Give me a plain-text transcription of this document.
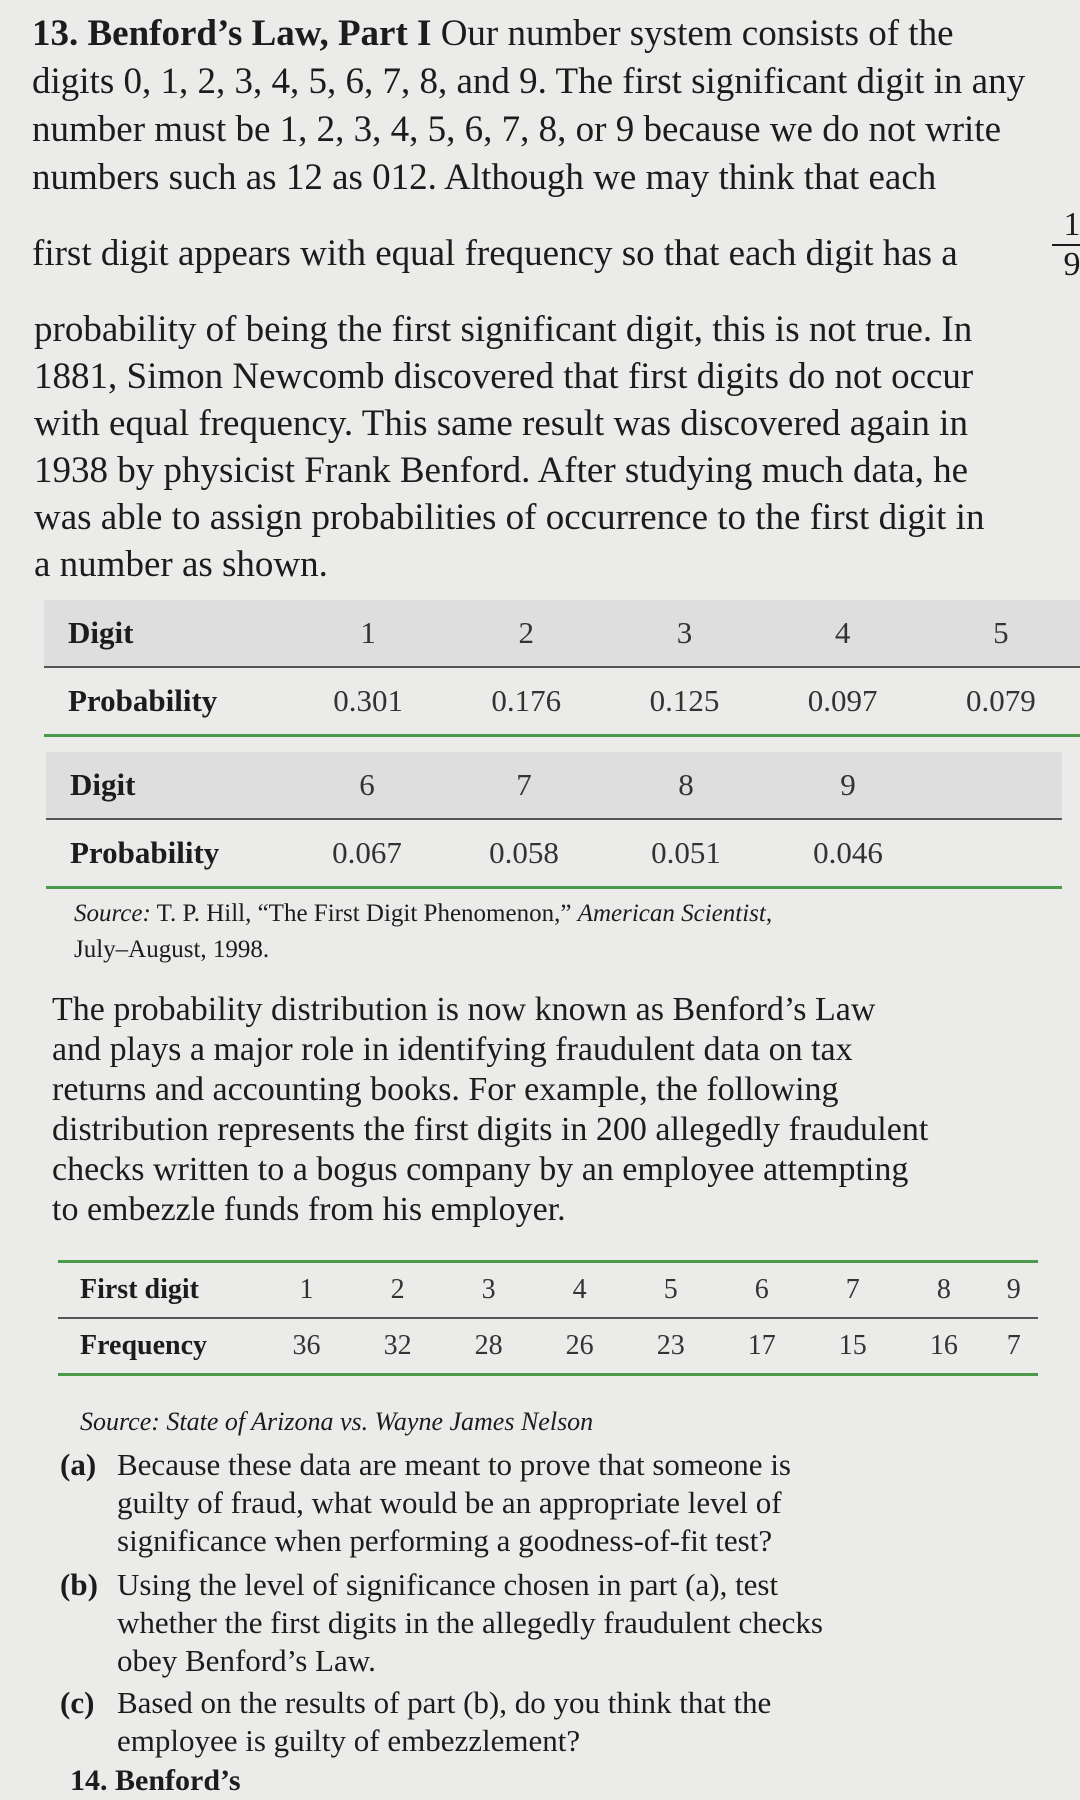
13. Benford’s Law, Part I Our number system consists of the
digits 0, 1, 2, 3, 4, 5, 6, 7, 8, and 9. The first significant digit in any
number must be 1, 2, 3, 4, 5, 6, 7, 8, or 9 because we do not write
numbers such as 12 as 012. Although we may think that each
first digit appears with equal frequency so that each digit has a
1
9
probability of being the first significant digit, this is not true. In
1881, Simon Newcomb discovered that first digits do not occur
with equal frequency. This same result was discovered again in
1938 by physicist Frank Benford. After studying much data, he
was able to assign probabilities of occurrence to the first digit in
a number as shown.
Digit	1	2	3	4	5
Probability	0.301	0.176	0.125	0.097	0.079
Digit	6	7	8	9	
Probability	0.067	0.058	0.051	0.046	
Source: T. P. Hill, “The First Digit Phenomenon,” American Scientist,
July–August, 1998.
The probability distribution is now known as Benford’s Law
and plays a major role in identifying fraudulent data on tax
returns and accounting books. For example, the following
distribution represents the first digits in 200 allegedly fraudulent
checks written to a bogus company by an employee attempting
to embezzle funds from his employer.
First digit	1	2	3	4	5	6	7	8	9
Frequency	36	32	28	26	23	17	15	16	7
Source: State of Arizona vs. Wayne James Nelson
(a) Because these data are meant to prove that someone is
guilty of fraud, what would be an appropriate level of
significance when performing a goodness-of-fit test?
(b) Using the level of significance chosen in part (a), test
whether the first digits in the allegedly fraudulent checks
obey Benford’s Law.
(c) Based on the results of part (b), do you think that the
employee is guilty of embezzlement?
14. Benford’s
